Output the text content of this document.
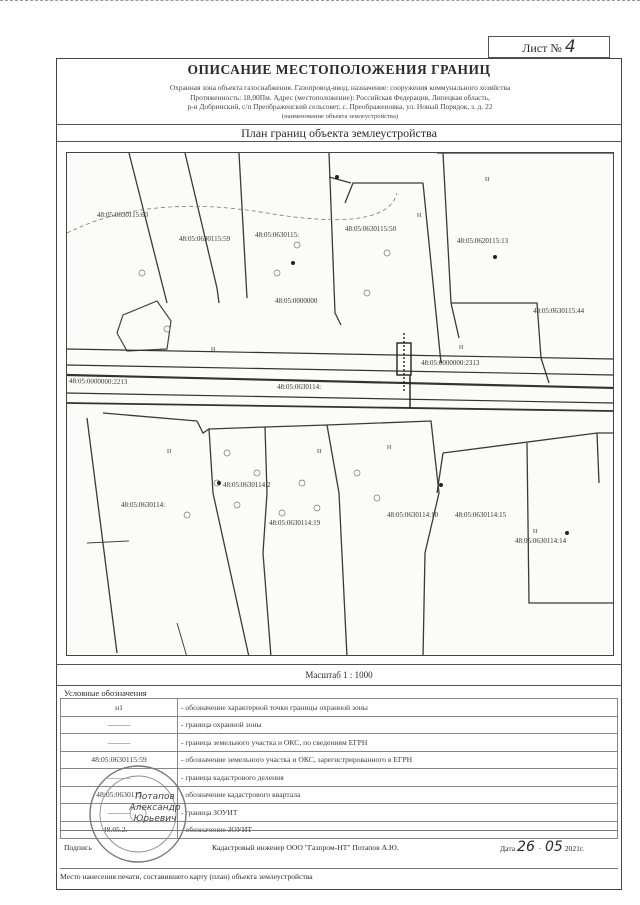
Лист № 4
ОПИСАНИЕ МЕСТОПОЛОЖЕНИЯ ГРАНИЦ
Охранная зона объекта газоснабжения. Газопровод-ввод, назначение: сооружения коммунального хозяйства
Протяженность: 18,00Пм. Адрес (местоположение): Российская Федерация, Липецкая область,
р-н Добринский, с/п Преображенский сельсовет, с. Преображеновка, ул. Новый Порядок, з. д. 22
(наименование объекта землеустройства)
План границ объекта землеустройства
48:05:0630115:63
48:05:0630115:59	48:05:0630115:
48:05:0630115:50
48:05:0620115:13
48:05:0630115:44
48:05:0000000
48:05:0000000:2213
48:05:0000000:2313
48:05:0630114:
48:05:0630114:2
48:05:0630114:10 48:05:0630114:15
48:05:0630114:19
48:05:0630114:14
48:05:0630114:
н
н
н	н
н	н
н
н
Масштаб 1 : 1000
Условные обозначения
н1	- обозначение характерной точки границы охранной зоны
———	- граница охранной зоны
———	- граница земельного участка и ОКС, по сведениям ЕГРН
48:05:0630115:59	- обозначение земельного участка и ОКС, зарегистрированного в ЕГРН
———	- граница кадастрового деления
48:05:0630115	- обозначение кадастрового квартала
———	- граница ЗОУИТ
48.05.2.—	- обозначение ЗОУИТ
Потапов
Александр
Юрьевич
Подпись	Кадастровый инженер ООО "Газпром-НТ" Потапов А.Ю.	Дата 26  ·  05 2021г.
Место нанесения печати, составившего карту (план) объекта землеустройства
